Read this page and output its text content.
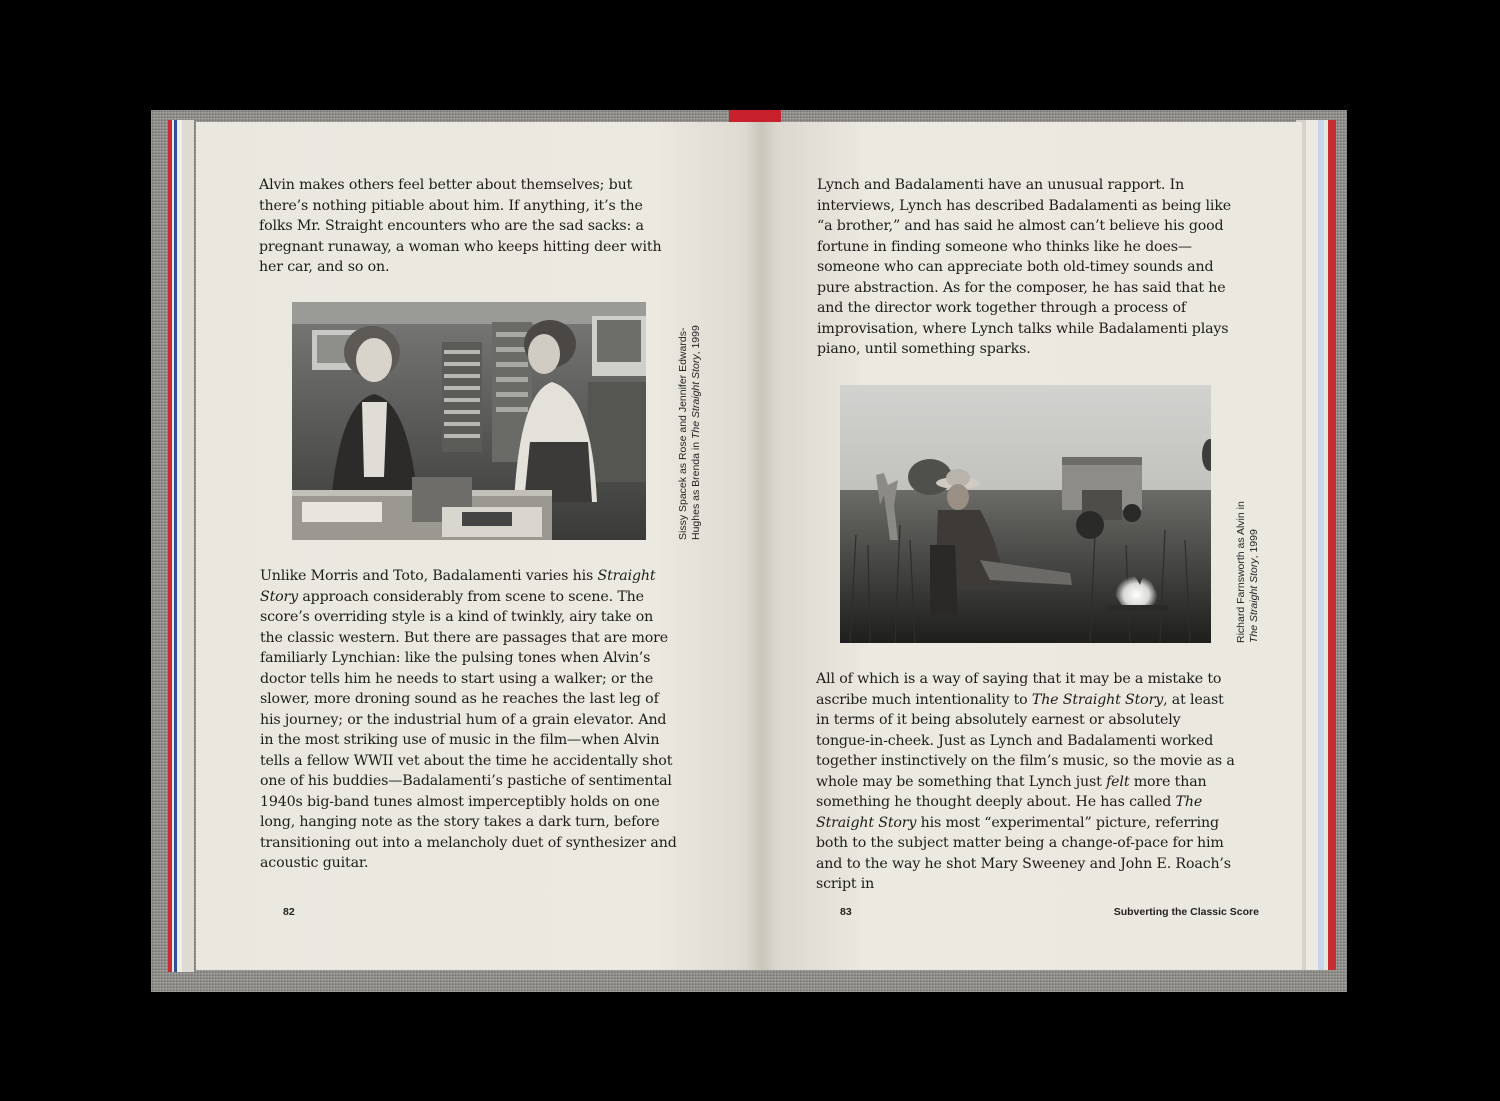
Alvin makes others feel better about themselves; but there’s nothing pitiable about him. If anything, it’s the folks Mr. Straight encounters who are the sad sacks: a pregnant runaway, a woman who keeps hitting deer with her car, and so on.

Sissy Spacek as Rose and Jennifer Edwards- Hughes as Brenda in The Straight Story, 1999

Unlike Morris and Toto, Badalamenti varies his Straight Story approach considerably from scene to scene. The score’s overriding style is a kind of twinkly, airy take on the classic western. But there are passages that are more familiarly Lynchian: like the pulsing tones when Alvin’s doctor tells him he needs to start using a walker; or the slower, more droning sound as he reaches the last leg of his journey; or the industrial hum of a grain elevator. And in the most striking use of music in the film—when Alvin tells a fellow WWII vet about the time he accidentally shot one of his buddies—Badalamenti’s pastiche of sentimental 1940s big-band tunes almost imperceptibly holds on one long, hanging note as the story takes a dark turn, before transitioning out into a melancholy duet of synthesizer and acoustic guitar.

82

Lynch and Badalamenti have an unusual rapport. In interviews, Lynch has described Badalamenti as being like “a brother,” and has said he almost can’t believe his good fortune in finding someone who thinks like he does—someone who can appreciate both old-timey sounds and pure abstraction. As for the composer, he has said that he and the director work together through a process of improvisation, where Lynch talks while Badalamenti plays piano, until something sparks.

Richard Farnsworth as Alvin in The Straight Story, 1999

All of which is a way of saying that it may be a mistake to ascribe much intentionality to The Straight Story, at least in terms of it being absolutely earnest or absolutely tongue-in-cheek. Just as Lynch and Badalamenti worked together instinctively on the film’s music, so the movie as a whole may be something that Lynch just felt more than something he thought deeply about. He has called The Straight Story his most “experimental” picture, referring both to the subject matter being a change-of-pace for him and to the way he shot Mary Sweeney and John E. Roach’s script in

83	Subverting the Classic Score
